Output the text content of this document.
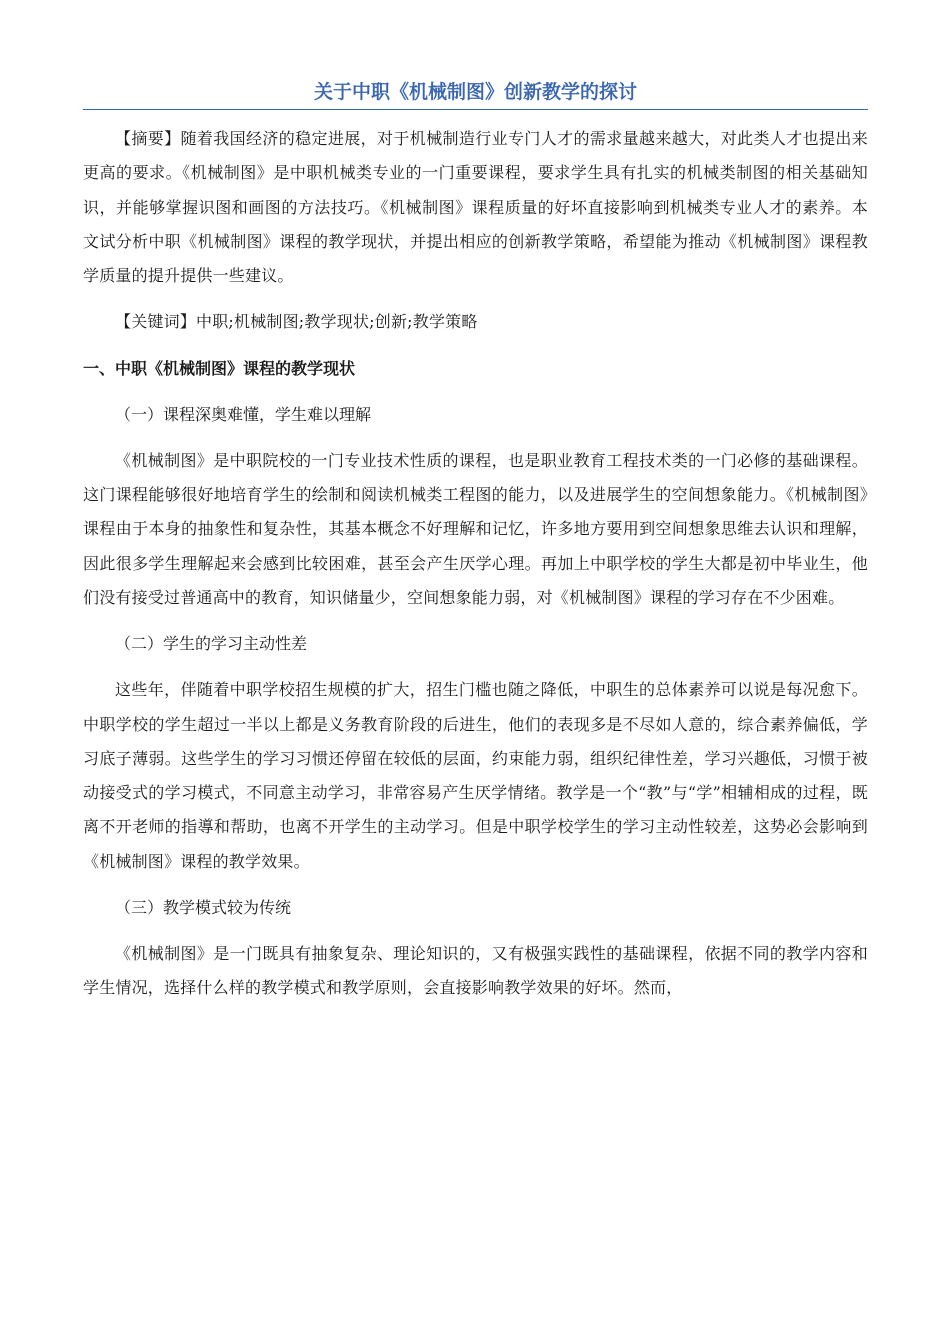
关于中职《机械制图》创新教学的探讨

【摘要】随着我国经济的稳定进展，对于机械制造行业专门人才的需求量越来越大，对此类人才也提出来更高的要求。《机械制图》是中职机械类专业的一门重要课程，要求学生具有扎实的机械类制图的相关基础知识，并能够掌握识图和画图的方法技巧。《机械制图》课程质量的好坏直接影响到机械类专业人才的素养。本文试分析中职《机械制图》课程的教学现状，并提出相应的创新教学策略，希望能为推动《机械制图》课程教学质量的提升提供一些建议。

【关键词】中职;机械制图;教学现状;创新;教学策略

一、中职《机械制图》课程的教学现状

（一）课程深奥难懂，学生难以理解

《机械制图》是中职院校的一门专业技术性质的课程，也是职业教育工程技术类的一门必修的基础课程。这门课程能够很好地培育学生的绘制和阅读机械类工程图的能力，以及进展学生的空间想象能力。《机械制图》课程由于本身的抽象性和复杂性，其基本概念不好理解和记忆，许多地方要用到空间想象思维去认识和理解，因此很多学生理解起来会感到比较困难，甚至会产生厌学心理。再加上中职学校的学生大都是初中毕业生，他们没有接受过普通高中的教育，知识储量少，空间想象能力弱，对《机械制图》课程的学习存在不少困难。

（二）学生的学习主动性差

这些年，伴随着中职学校招生规模的扩大，招生门槛也随之降低，中职生的总体素养可以说是每况愈下。中职学校的学生超过一半以上都是义务教育阶段的后进生，他们的表现多是不尽如人意的，综合素养偏低，学习底子薄弱。这些学生的学习习惯还停留在较低的层面，约束能力弱，组织纪律性差，学习兴趣低，习惯于被动接受式的学习模式，不同意主动学习，非常容易产生厌学情绪。教学是一个“教”与“学”相辅相成的过程，既离不开老师的指導和帮助，也离不开学生的主动学习。但是中职学校学生的学习主动性较差，这势必会影响到《机械制图》课程的教学效果。

（三）教学模式较为传统

《机械制图》是一门既具有抽象复杂、理论知识的，又有极强实践性的基础课程，依据不同的教学内容和学生情况，选择什么样的教学模式和教学原则，会直接影响教学效果的好坏。然而，
